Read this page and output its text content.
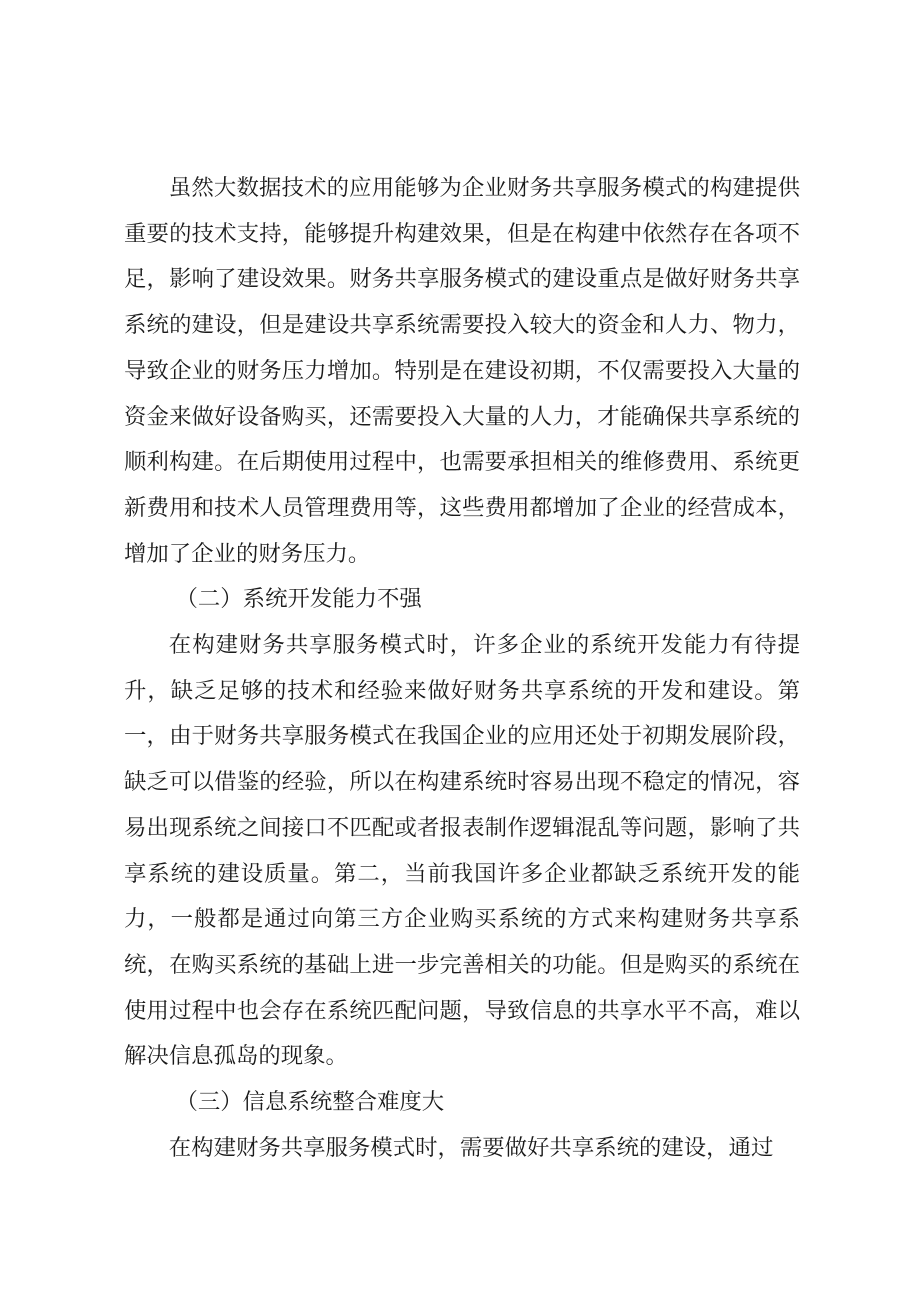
虽然大数据技术的应用能够为企业财务共享服务模式的构建提供重要的技术支持，能够提升构建效果，但是在构建中依然存在各项不足，影响了建设效果。财务共享服务模式的建设重点是做好财务共享系统的建设，但是建设共享系统需要投入较大的资金和人力、物力，导致企业的财务压力增加。特别是在建设初期，不仅需要投入大量的资金来做好设备购买，还需要投入大量的人力，才能确保共享系统的顺利构建。在后期使用过程中，也需要承担相关的维修费用、系统更新费用和技术人员管理费用等，这些费用都增加了企业的经营成本，增加了企业的财务压力。

（二）系统开发能力不强

在构建财务共享服务模式时，许多企业的系统开发能力有待提升，缺乏足够的技术和经验来做好财务共享系统的开发和建设。第一，由于财务共享服务模式在我国企业的应用还处于初期发展阶段，缺乏可以借鉴的经验，所以在构建系统时容易出现不稳定的情况，容易出现系统之间接口不匹配或者报表制作逻辑混乱等问题，影响了共享系统的建设质量。第二，当前我国许多企业都缺乏系统开发的能力，一般都是通过向第三方企业购买系统的方式来构建财务共享系统，在购买系统的基础上进一步完善相关的功能。但是购买的系统在使用过程中也会存在系统匹配问题，导致信息的共享水平不高，难以解决信息孤岛的现象。

（三）信息系统整合难度大

在构建财务共享服务模式时，需要做好共享系统的建设，通过
